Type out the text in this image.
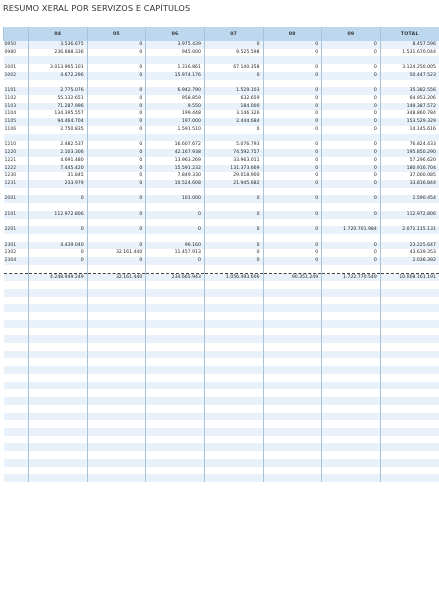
RESUMO XERAL POR SERVIZOS E CAPÍTULOS
	04	05	06	07	08	09	TOTAL
0950	3.536.675	0	3.975.439	0	0	0	8.457.596
0980	236.688.336	0	945.000	9.525.598	0	0	1.531.670.044

1001	3.013.965.101	0	1.316.861	67.140.358	0	0	3.124.250.005
1002	4.672.296	0	15.974.176	0	0	0	50.447.523

1101	2.775.076	0	6.942.790	1.529.103	0	0	35.382.556
1102	55.132.651	0	958.859	632.659	0	0	64.953.206
1103	71.287.996	0	9.550	184.000	0	0	149.387.572
1104	134.395.557	0	199.448	3.146.326	0	0	348.860.784
1105	94.464.704	0	197.000	2.444.684	0	0	153.529.329
1106	2.750.835	0	1.591.510	0	0	0	14.145.616

1210	2.482.537	0	16.607.672	5.076.793	0	0	76.824.433
1220	2.103.306	0	42.167.938	74.592.757	0	0	195.850.290
1221	4.691.480	0	13.963.269	33.963.011	0	0	57.296.620
1222	7.445.420	0	15.591.232	131.373.669	0	0	180.916.704
1230	31.845	0	7.849.330	29.018.900	0	0	37.000.085
1231	233.979	0	10.524.608	21.945.682	0	0	33.816.844

2001	0	0	101.000	0	0	0	1.590.454

2101	112.972.806	0	0	0	0	0	112.972.806

2201	0	0	0	0	0	1.720.701.984	2.071.115.131

2301	4.439.040	0	96.160	0	0	0	23.225.647
2302	0	32.161.440	11.457.913	0	0	0	43.639.353
2304	0	0	0	0	0	0	2.036.392

	4.248.949.249	32.161.440	234.665.943	1.056.493.606	90.351.249	1.722.770.549	10.068.161.191
